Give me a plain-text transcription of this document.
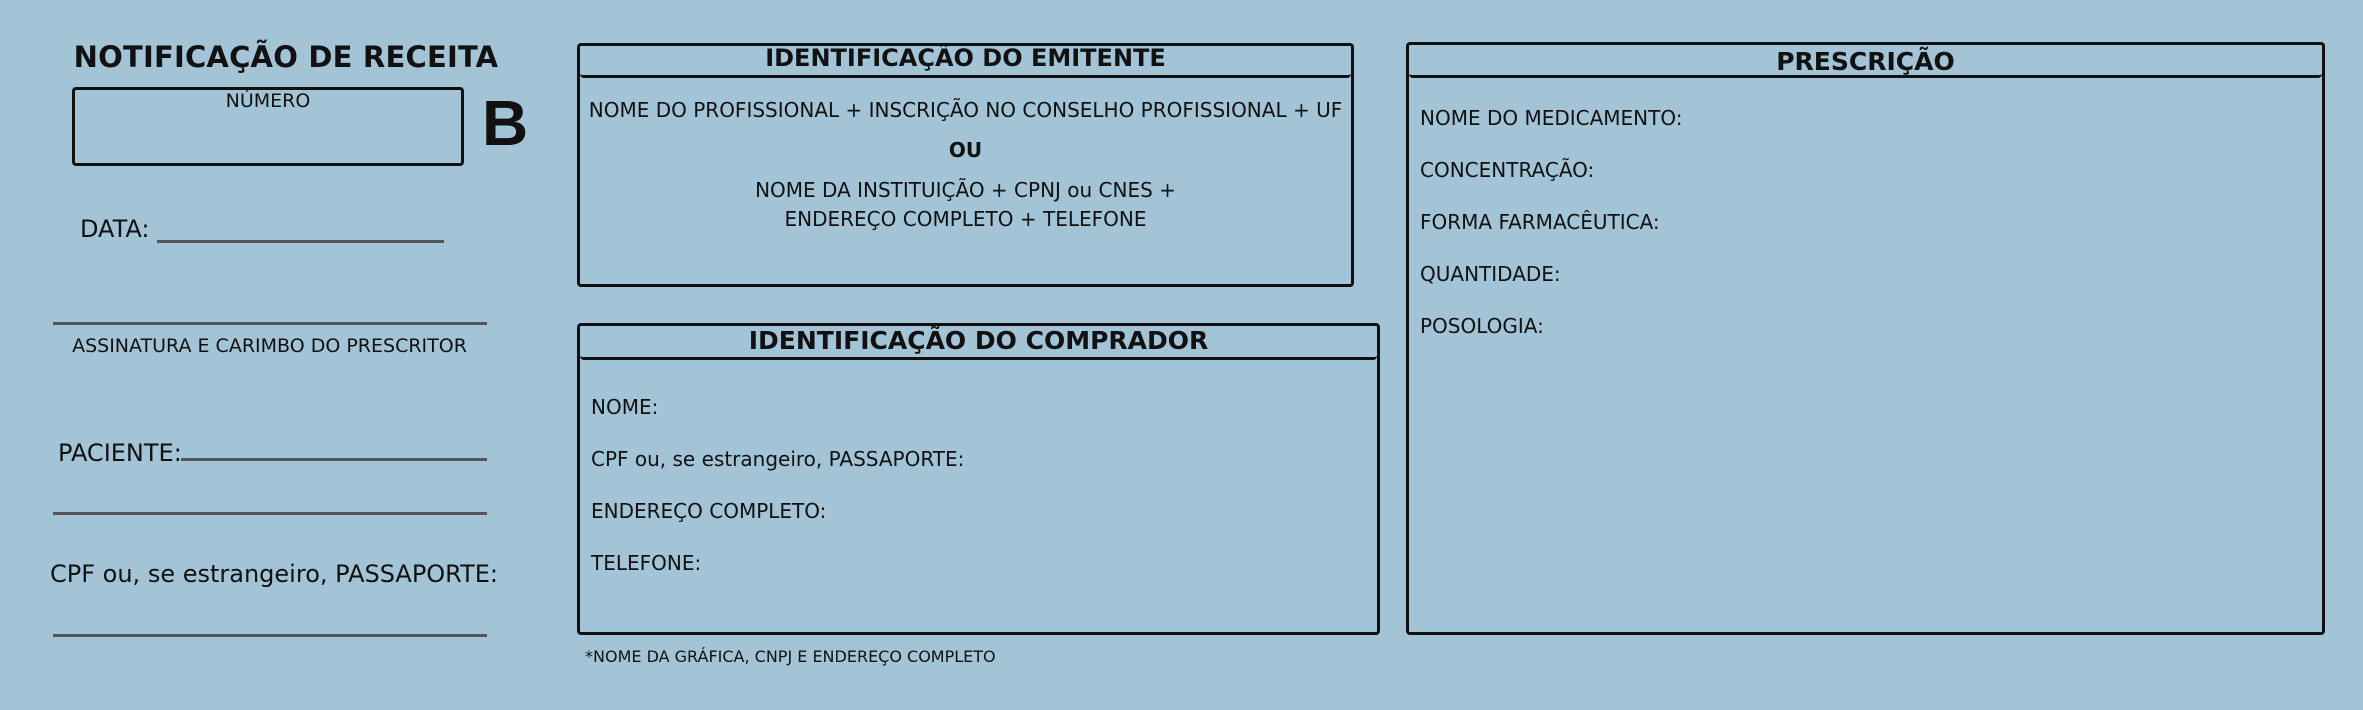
NOTIFICAÇÃO DE RECEITA
NÚMERO	B
DATA:
ASSINATURA E CARIMBO DO PRESCRITOR
PACIENTE:
CPF ou, se estrangeiro, PASSAPORTE:
IDENTIFICAÇÃO DO EMITENTE
NOME DO PROFISSIONAL + INSCRIÇÃO NO CONSELHO PROFISSIONAL + UF
OU
NOME DA INSTITUIÇÃO + CPNJ ou CNES +
ENDEREÇO COMPLETO + TELEFONE
IDENTIFICAÇÃO DO COMPRADOR
NOME:
CPF ou, se estrangeiro, PASSAPORTE:
ENDEREÇO COMPLETO:
TELEFONE:
PRESCRIÇÃO
NOME DO MEDICAMENTO:
CONCENTRAÇÃO:
FORMA FARMACÊUTICA:
QUANTIDADE:
POSOLOGIA:
*NOME DA GRÁFICA, CNPJ E ENDEREÇO COMPLETO
